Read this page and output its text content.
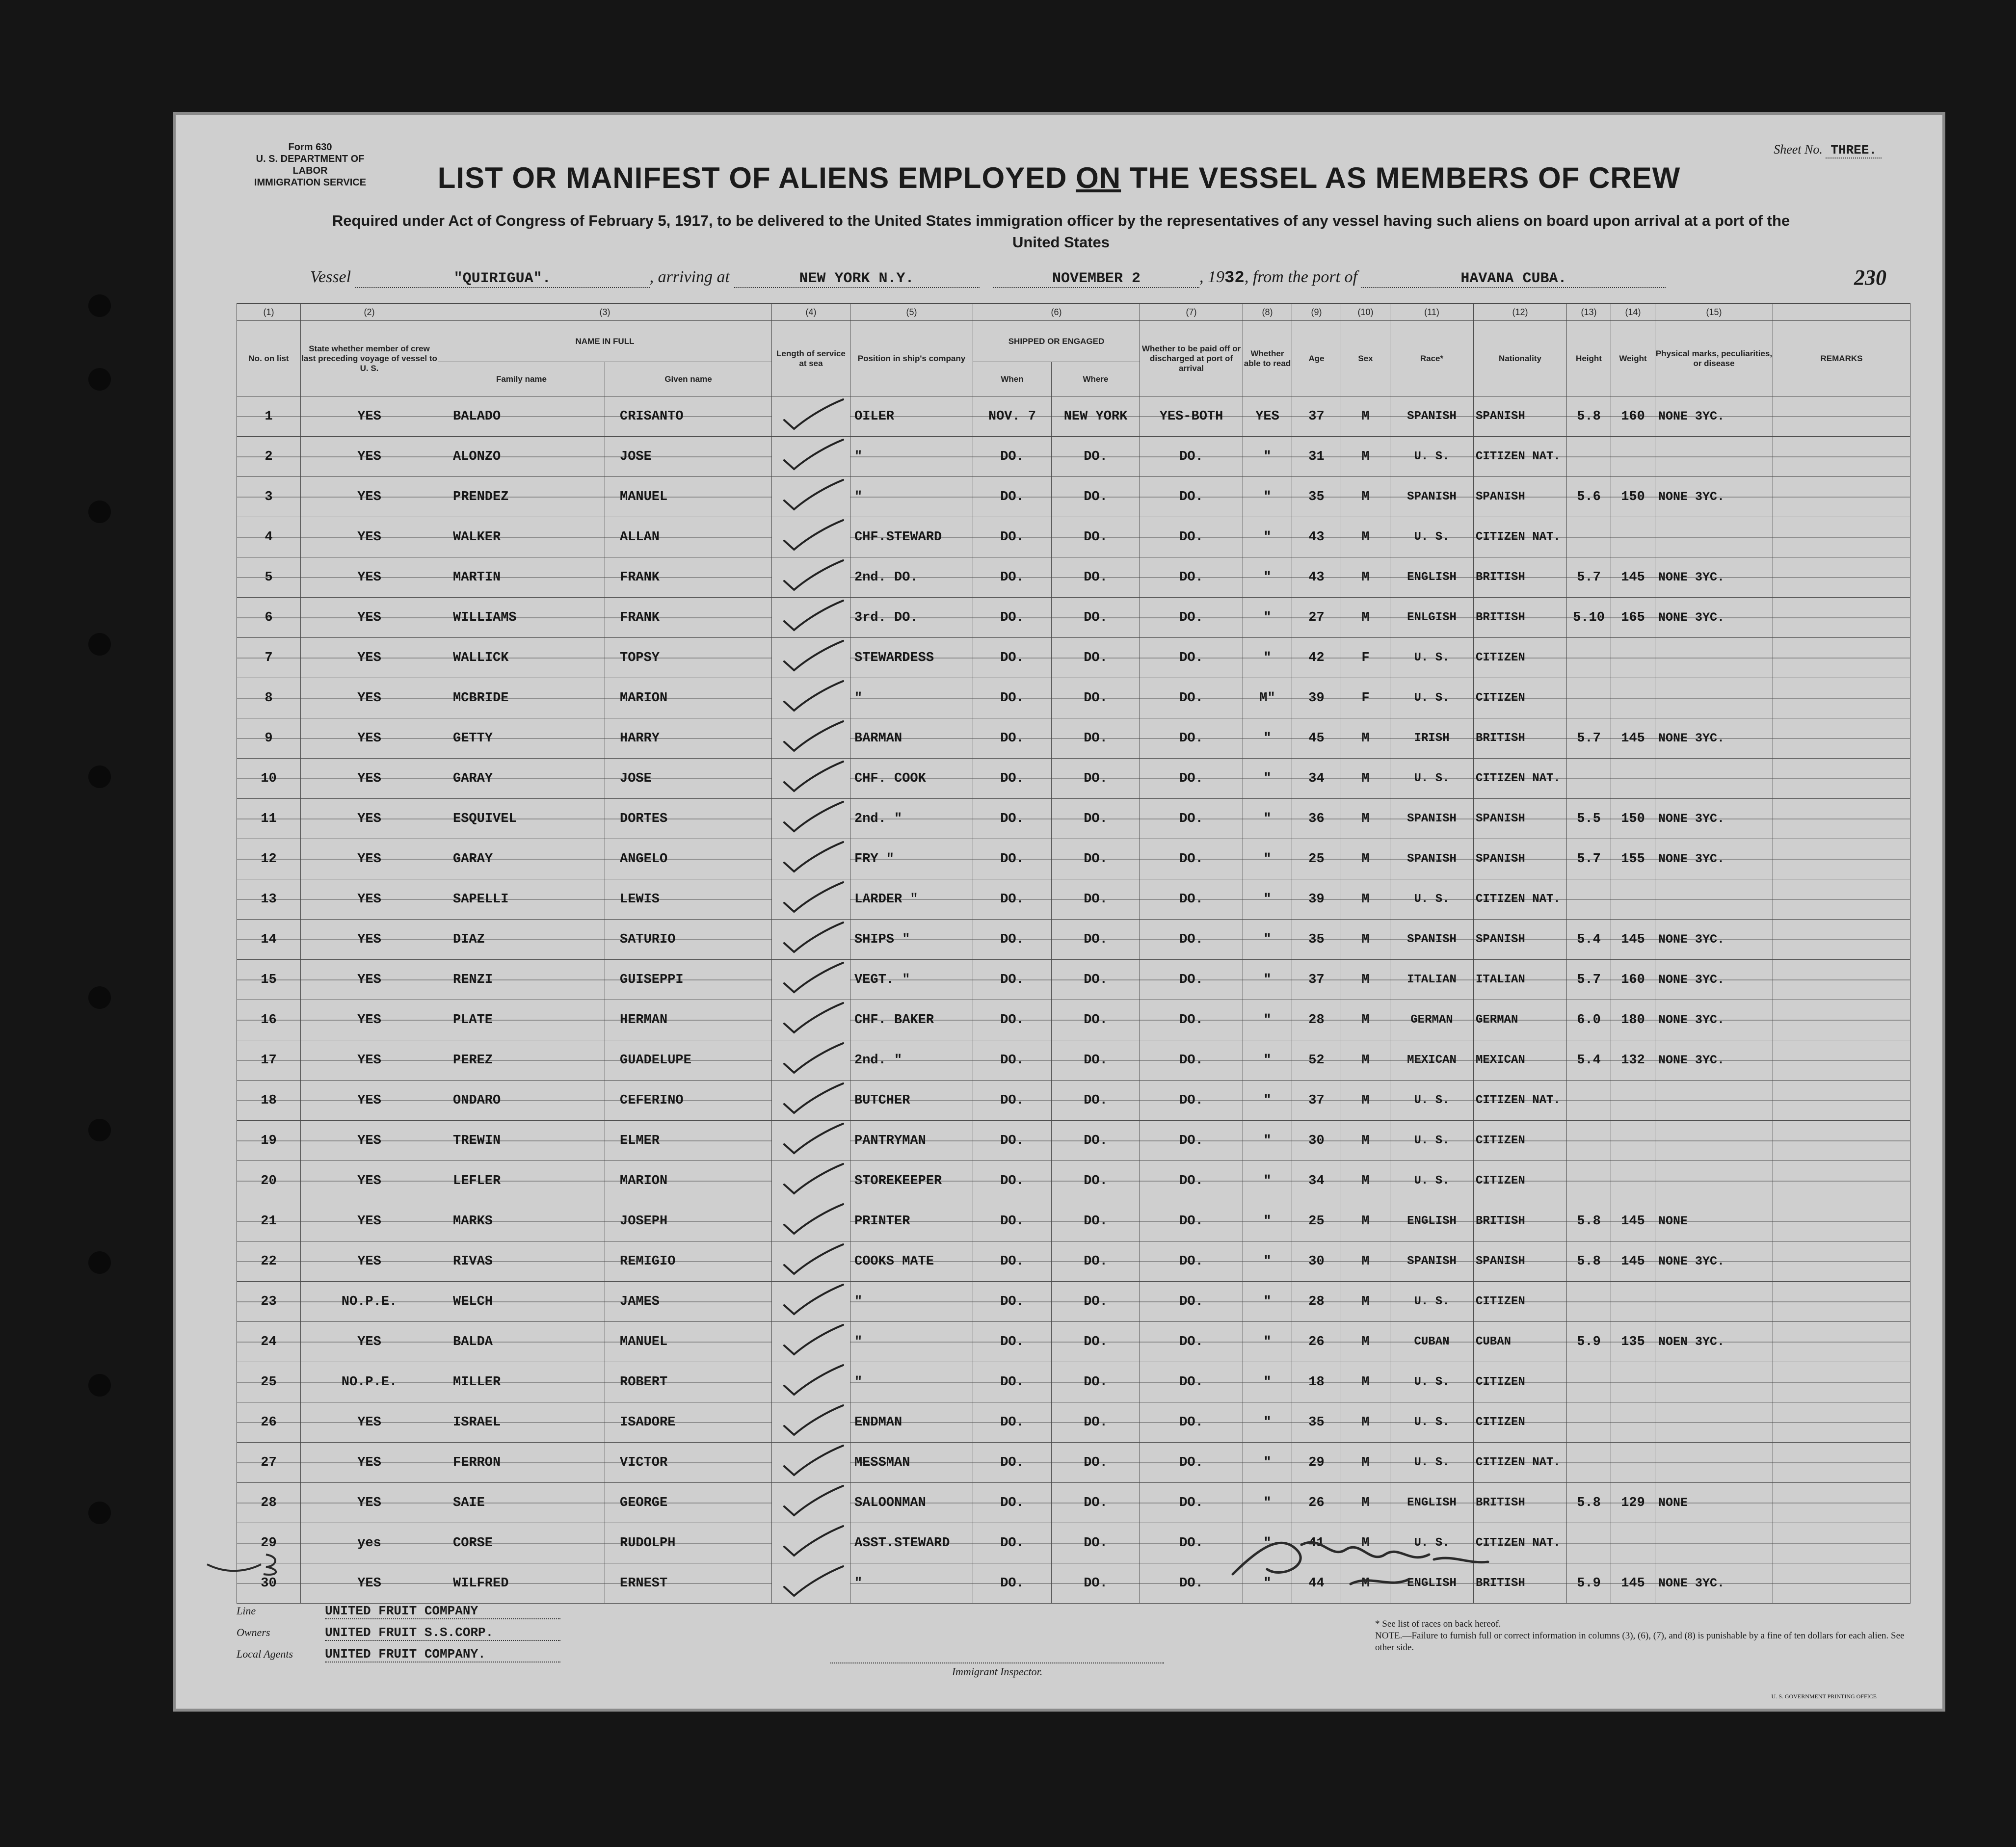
Form 630
U. S. DEPARTMENT OF LABOR
IMMIGRATION SERVICE
Sheet No. THREE.
LIST OR MANIFEST OF ALIENS EMPLOYED ON THE VESSEL AS MEMBERS OF CREW
Required under Act of Congress of February 5, 1917, to be delivered to the United States immigration officer by the representatives of any vessel having such aliens on board upon arrival at a port of the United States
Vessel	"QUIRIGUA".	, arriving at	NEW YORK N.Y.	NOVEMBER 2	, 1932, from the port of	HAVANA CUBA.	230
(1)	(2)	(3)		(4)	(5)	(6)		(7)	(8)	(9)	(10)	(11)	(12)	(13)	(14)	(15)	
No. on list	State whether member of crew last preceding voyage of vessel to U. S.	NAME IN FULL		Length of service at sea	Position in ship's company	SHIPPED OR ENGAGED		Whether to be paid off or discharged at port of arrival	Whether able to read	Age	Sex	Race*	Nationality	Height	Weight	Physical marks, peculiarities, or disease	REMARKS
		Family name	Given name			When	Where										
1	YES	BALADO	CRISANTO		OILER	NOV. 7	NEW YORK	YES-BOTH	YES	37	M	SPANISH	SPANISH	5.8	160	NONE 3YC.	
2	YES	ALONZO	JOSE		"	DO.	DO.	DO.	"	31	M	U. S.	CITIZEN NAT.				
3	YES	PRENDEZ	MANUEL		"	DO.	DO.	DO.	"	35	M	SPANISH	SPANISH	5.6	150	NONE 3YC.	
4	YES	WALKER	ALLAN		CHF.STEWARD	DO.	DO.	DO.	"	43	M	U. S.	CITIZEN NAT.				
5	YES	MARTIN	FRANK		2nd. DO.	DO.	DO.	DO.	"	43	M	ENGLISH	BRITISH	5.7	145	NONE 3YC.	
6	YES	WILLIAMS	FRANK		3rd. DO.	DO.	DO.	DO.	"	27	M	ENLGISH	BRITISH	5.10	165	NONE 3YC.	
7	YES	WALLICK	TOPSY		STEWARDESS	DO.	DO.	DO.	"	42	F	U. S.	CITIZEN				
8	YES	MCBRIDE	MARION		"	DO.	DO.	DO.	M"	39	F	U. S.	CITIZEN				
9	YES	GETTY	HARRY		BARMAN	DO.	DO.	DO.	"	45	M	IRISH	BRITISH	5.7	145	NONE 3YC.	
10	YES	GARAY	JOSE		CHF. COOK	DO.	DO.	DO.	"	34	M	U. S.	CITIZEN NAT.				
11	YES	ESQUIVEL	DORTES		2nd. "	DO.	DO.	DO.	"	36	M	SPANISH	SPANISH	5.5	150	NONE 3YC.	
12	YES	GARAY	ANGELO		FRY "	DO.	DO.	DO.	"	25	M	SPANISH	SPANISH	5.7	155	NONE 3YC.	
13	YES	SAPELLI	LEWIS		LARDER "	DO.	DO.	DO.	"	39	M	U. S.	CITIZEN NAT.				
14	YES	DIAZ	SATURIO		SHIPS "	DO.	DO.	DO.	"	35	M	SPANISH	SPANISH	5.4	145	NONE 3YC.	
15	YES	RENZI	GUISEPPI		VEGT. "	DO.	DO.	DO.	"	37	M	ITALIAN	ITALIAN	5.7	160	NONE 3YC.	
16	YES	PLATE	HERMAN		CHF. BAKER	DO.	DO.	DO.	"	28	M	GERMAN	GERMAN	6.0	180	NONE 3YC.	
17	YES	PEREZ	GUADELUPE		2nd. "	DO.	DO.	DO.	"	52	M	MEXICAN	MEXICAN	5.4	132	NONE 3YC.	
18	YES	ONDARO	CEFERINO		BUTCHER	DO.	DO.	DO.	"	37	M	U. S.	CITIZEN NAT.				
19	YES	TREWIN	ELMER		PANTRYMAN	DO.	DO.	DO.	"	30	M	U. S.	CITIZEN				
20	YES	LEFLER	MARION		STOREKEEPER	DO.	DO.	DO.	"	34	M	U. S.	CITIZEN				
21	YES	MARKS	JOSEPH		PRINTER	DO.	DO.	DO.	"	25	M	ENGLISH	BRITISH	5.8	145	NONE	
22	YES	RIVAS	REMIGIO		COOKS MATE	DO.	DO.	DO.	"	30	M	SPANISH	SPANISH	5.8	145	NONE 3YC.	
23	NO.P.E.	WELCH	JAMES		"	DO.	DO.	DO.	"	28	M	U. S.	CITIZEN				
24	YES	BALDA	MANUEL		"	DO.	DO.	DO.	"	26	M	CUBAN	CUBAN	5.9	135	NOEN 3YC.	
25	NO.P.E.	MILLER	ROBERT		"	DO.	DO.	DO.	"	18	M	U. S.	CITIZEN				
26	YES	ISRAEL	ISADORE		ENDMAN	DO.	DO.	DO.	"	35	M	U. S.	CITIZEN				
27	YES	FERRON	VICTOR		MESSMAN	DO.	DO.	DO.	"	29	M	U. S.	CITIZEN NAT.				
28	YES	SAIE	GEORGE		SALOONMAN	DO.	DO.	DO.	"	26	M	ENGLISH	BRITISH	5.8	129	NONE	
29	yes	CORSE	RUDOLPH		ASST.STEWARD	DO.	DO.	DO.	"	41	M	U. S.	CITIZEN NAT.				
30	YES	WILFRED	ERNEST		"	DO.	DO.	DO.	"	44	M	ENGLISH	BRITISH	5.9	145	NONE 3YC.	
Line	UNITED FRUIT COMPANY
Owners	UNITED FRUIT S.S.CORP.
Local Agents UNITED FRUIT COMPANY.
Immigrant Inspector.
* See list of races on back hereof.
NOTE.—Failure to furnish full or correct information in columns (3), (6), (7), and (8) is punishable by a fine of ten dollars for each alien. See other side.
U. S. GOVERNMENT PRINTING OFFICE
